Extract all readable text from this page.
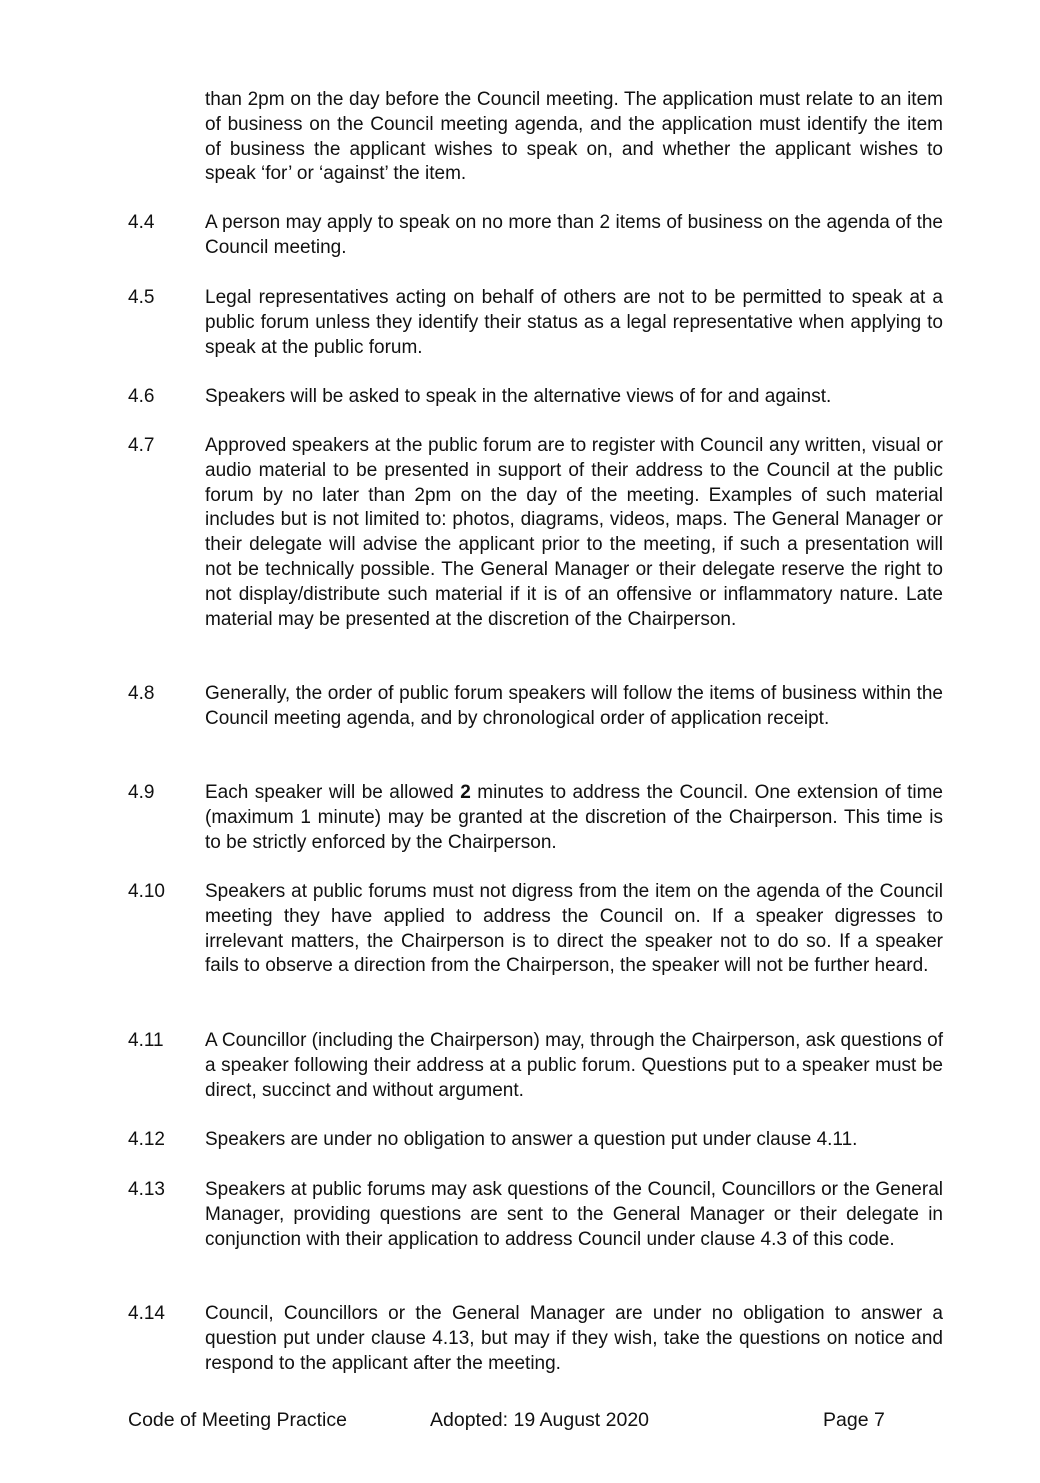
than 2pm on the day before the Council meeting. The application must relate to an item of business on the Council meeting agenda, and the application must identify the item of business the applicant wishes to speak on, and whether the applicant wishes to speak ‘for’ or ‘against’ the item.
4.4	A person may apply to speak on no more than 2 items of business on the agenda of the Council meeting.
4.5	Legal representatives acting on behalf of others are not to be permitted to speak at a public forum unless they identify their status as a legal representative when applying to speak at the public forum.
4.6	Speakers will be asked to speak in the alternative views of for and against.
4.7	Approved speakers at the public forum are to register with Council any written, visual or audio material to be presented in support of their address to the Council at the public forum by no later than 2pm on the day of the meeting. Examples of such material includes but is not limited to: photos, diagrams, videos, maps. The General Manager or their delegate will advise the applicant prior to the meeting, if such a presentation will not be technically possible. The General Manager or their delegate reserve the right to not display/distribute such material if it is of an offensive or inflammatory nature. Late material may be presented at the discretion of the Chairperson.
4.8	Generally, the order of public forum speakers will follow the items of business within the Council meeting agenda, and by chronological order of application receipt.
4.9	Each speaker will be allowed 2 minutes to address the Council. One extension of time (maximum 1 minute) may be granted at the discretion of the Chairperson. This time is to be strictly enforced by the Chairperson.
4.10 Speakers at public forums must not digress from the item on the agenda of the Council meeting they have applied to address the Council on. If a speaker digresses to irrelevant matters, the Chairperson is to direct the speaker not to do so. If a speaker fails to observe a direction from the Chairperson, the speaker will not be further heard.
4.11 A Councillor (including the Chairperson) may, through the Chairperson, ask questions of a speaker following their address at a public forum. Questions put to a speaker must be direct, succinct and without argument.
4.12 Speakers are under no obligation to answer a question put under clause 4.11.
4.13 Speakers at public forums may ask questions of the Council, Councillors or the General Manager, providing questions are sent to the General Manager or their delegate in conjunction with their application to address Council under clause 4.3 of this code.
4.14 Council, Councillors or the General Manager are under no obligation to answer a question put under clause 4.13, but may if they wish, take the questions on notice and respond to the applicant after the meeting.
Code of Meeting Practice	Adopted: 19 August 2020	Page 7
